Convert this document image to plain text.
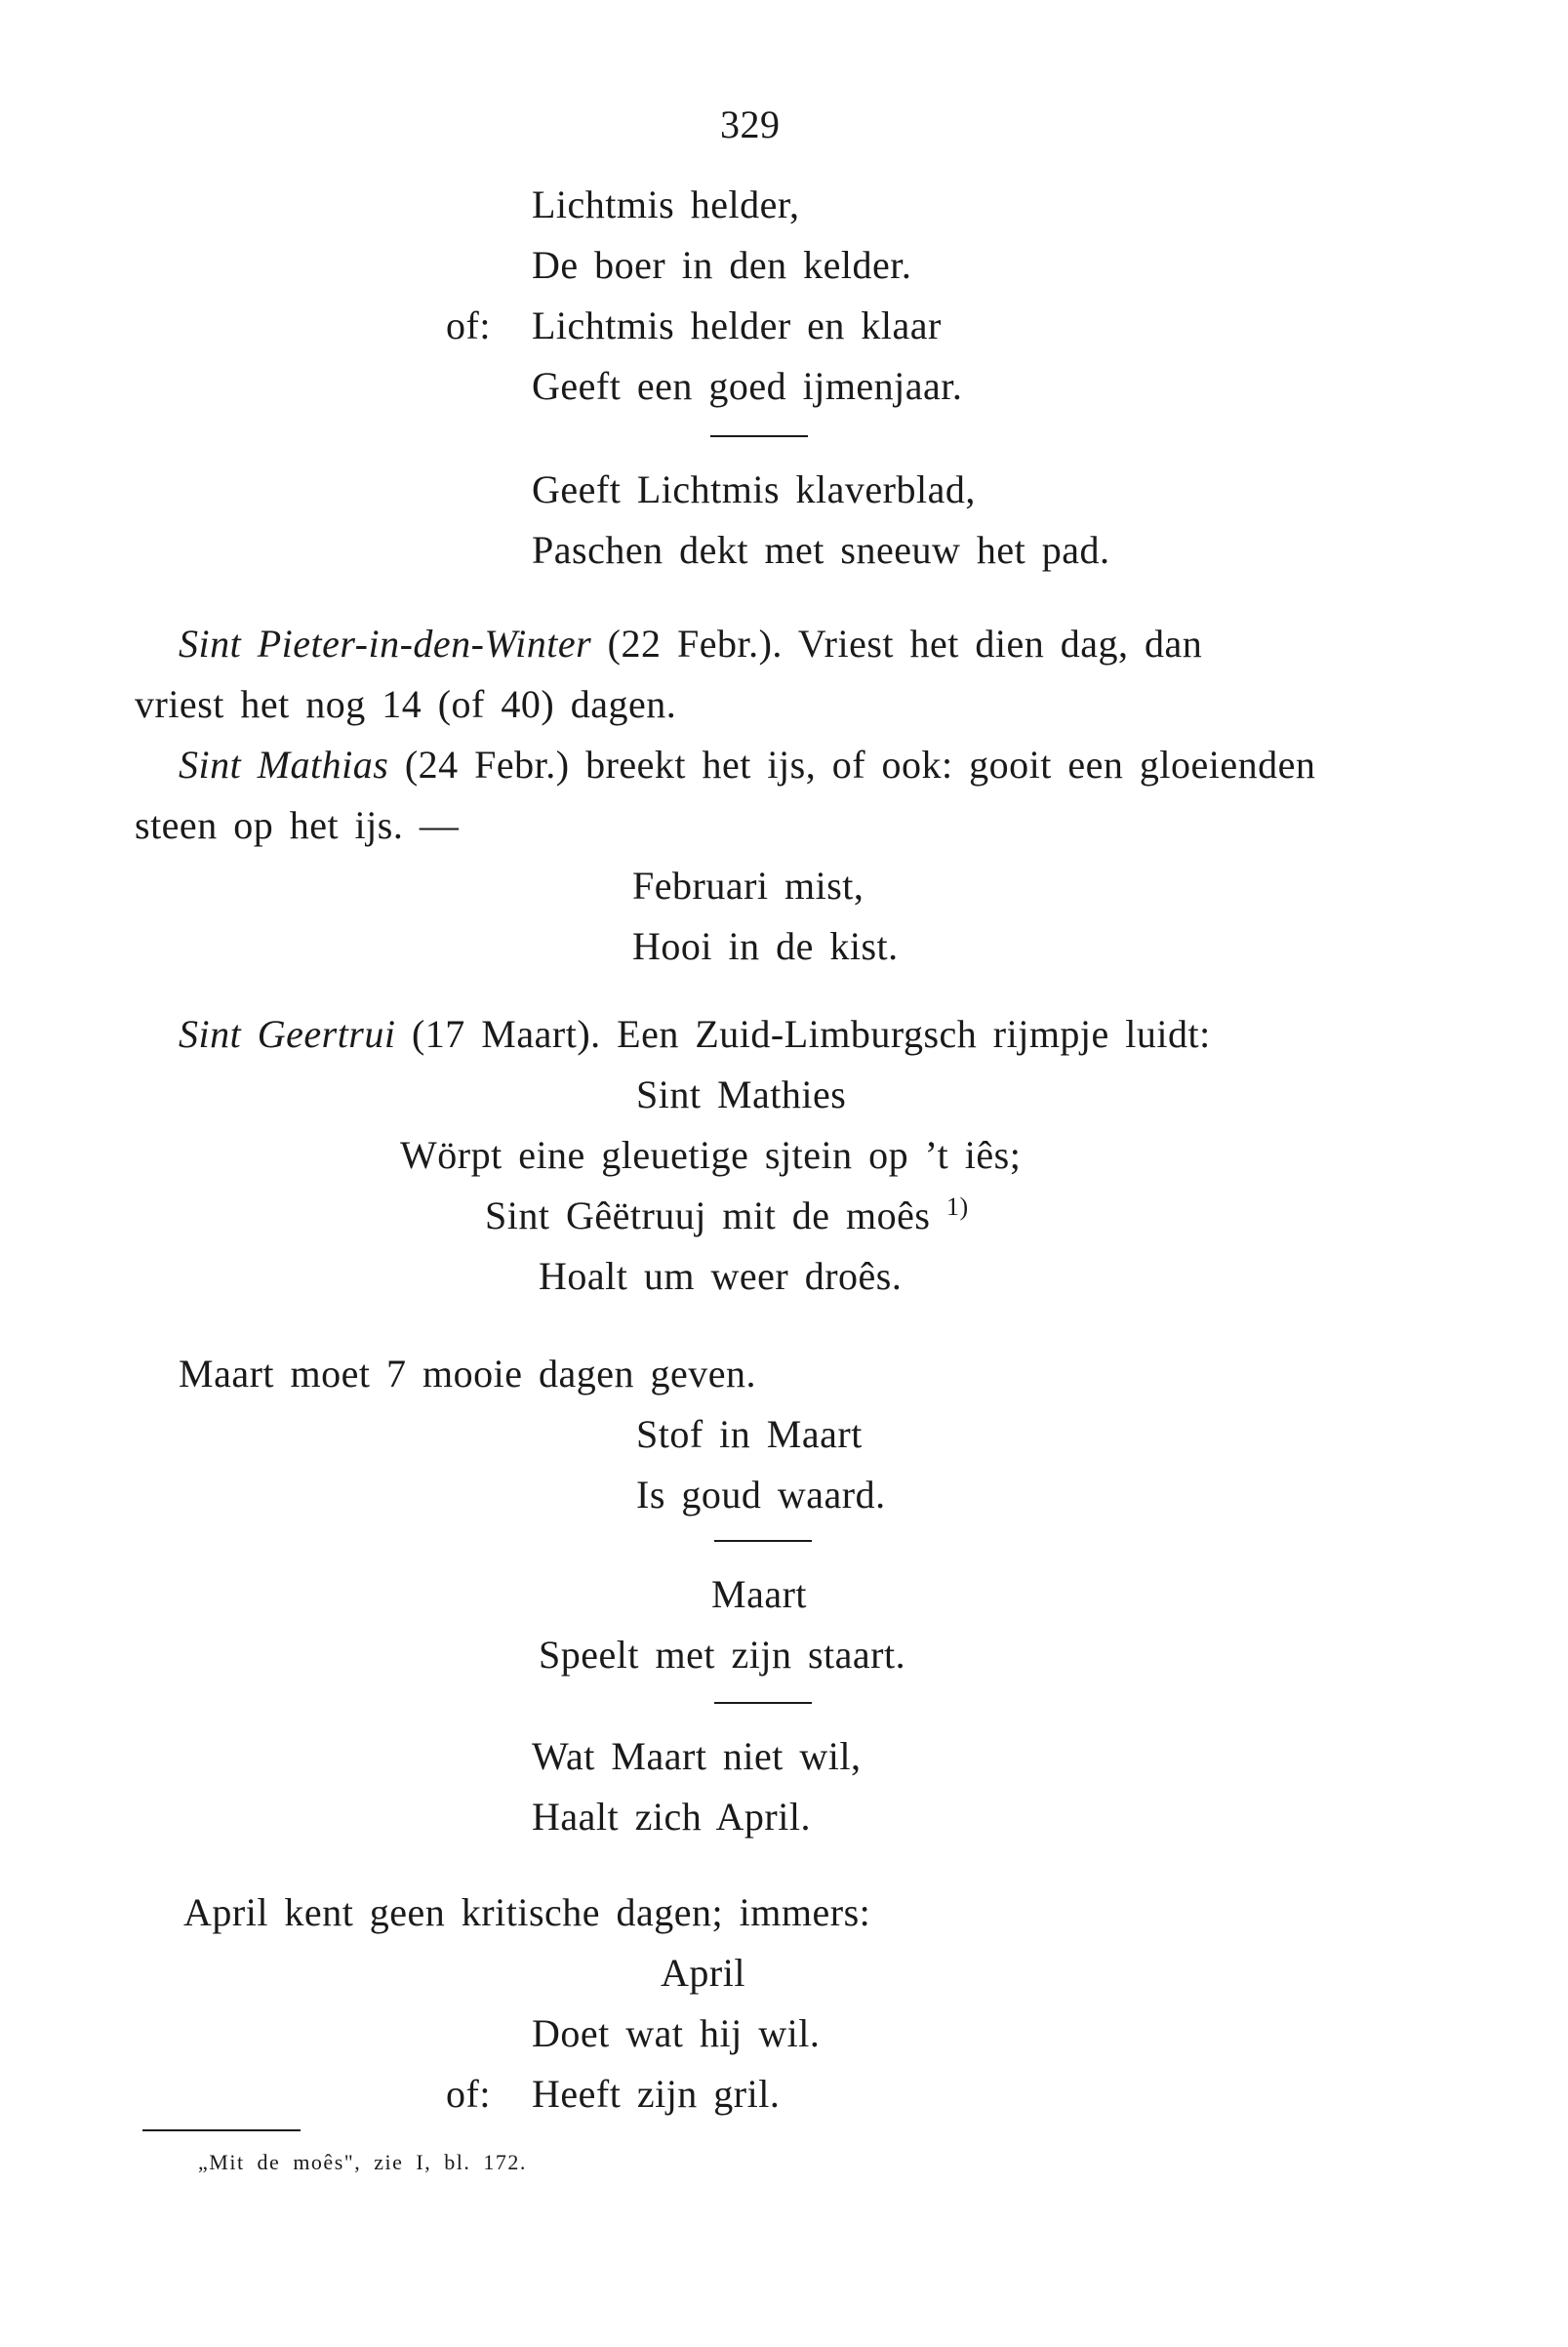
329
Lichtmis helder,
De boer in den kelder.
of: Lichtmis helder en klaar
Geeft een goed ijmenjaar.
Geeft Lichtmis klaverblad,
Paschen dekt met sneeuw het pad.
Sint Pieter-in-den-Winter (22 Febr.). Vriest het dien dag, dan
vriest het nog 14 (of 40) dagen.
Sint Mathias (24 Febr.) breekt het ijs, of ook: gooit een gloeienden
steen op het ijs. —
Februari mist,
Hooi in de kist.
Sint Geertrui (17 Maart). Een Zuid-Limburgsch rijmpje luidt:
Sint Mathies
Wörpt eine gleuetige sjtein op ’t iês;
Sint Gêëtruuj mit de moês $^{1)}$
Hoalt um weer droês.
Maart moet 7 mooie dagen geven.
Stof in Maart
Is goud waard.
Maart
Speelt met zijn staart.
Wat Maart niet wil,
Haalt zich April.
April kent geen kritische dagen; immers:
April
Doet wat hij wil.
of: Heeft zijn gril.
„Mit de moês", zie I, bl. 172.
